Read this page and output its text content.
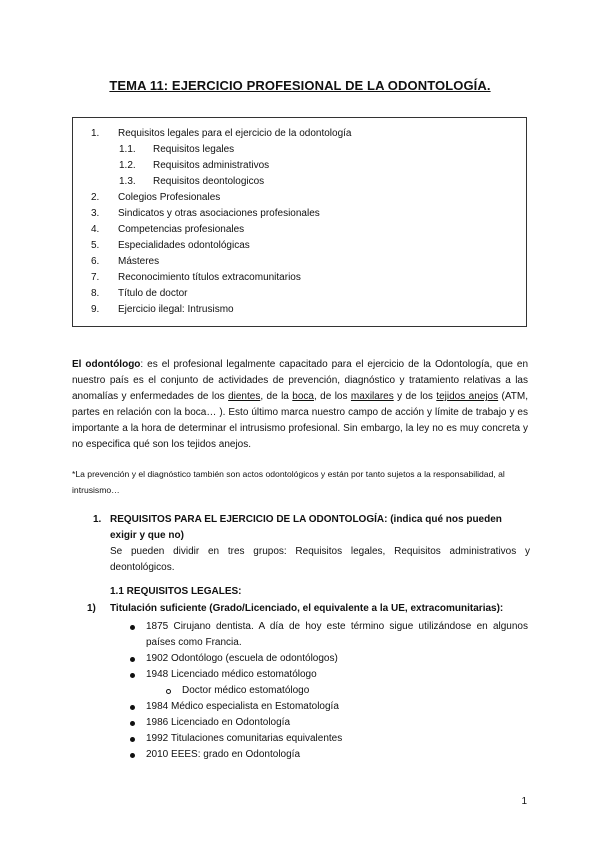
TEMA 11: EJERCICIO PROFESIONAL DE LA ODONTOLOGÍA.
1. Requisitos legales para el ejercicio de la odontología
1.1. Requisitos legales
1.2. Requisitos administrativos
1.3. Requisitos deontologicos
2. Colegios Profesionales
3. Sindicatos y otras asociaciones profesionales
4. Competencias profesionales
5. Especialidades odontológicas
6. Másteres
7. Reconocimiento títulos extracomunitarios
8. Título de doctor
9. Ejercicio ilegal: Intrusismo
El odontólogo: es el profesional legalmente capacitado para el ejercicio de la Odontología, que en nuestro país es el conjunto de actividades de prevención, diagnóstico y tratamiento relativas a las anomalías y enfermedades de los dientes, de la boca, de los maxilares y de los tejidos anejos (ATM, partes en relación con la boca… ). Esto último marca nuestro campo de acción y límite de trabajo y es importante a la hora de determinar el intrusismo profesional. Sin embargo, la ley no es muy concreta y no especifica qué son los tejidos anejos.
*La prevención y el diagnóstico también son actos odontológicos y están por tanto sujetos a la responsabilidad, al intrusismo…
1. REQUISITOS PARA EL EJERCICIO DE LA ODONTOLOGÍA: (indica qué nos pueden exigir y que no)
Se pueden dividir en tres grupos: Requisitos legales, Requisitos administrativos y deontológicos.
1.1 REQUISITOS LEGALES:
1) Titulación suficiente (Grado/Licenciado, el equivalente a la UE, extracomunitarias):
1875 Cirujano dentista. A día de hoy este término sigue utilizándose en algunos países como Francia.
1902 Odontólogo (escuela de odontólogos)
1948 Licenciado médico estomatólogo
Doctor médico estomatólogo
1984 Médico especialista en Estomatología
1986 Licenciado en Odontología
1992 Titulaciones comunitarias equivalentes
2010 EEES: grado en Odontología
1
